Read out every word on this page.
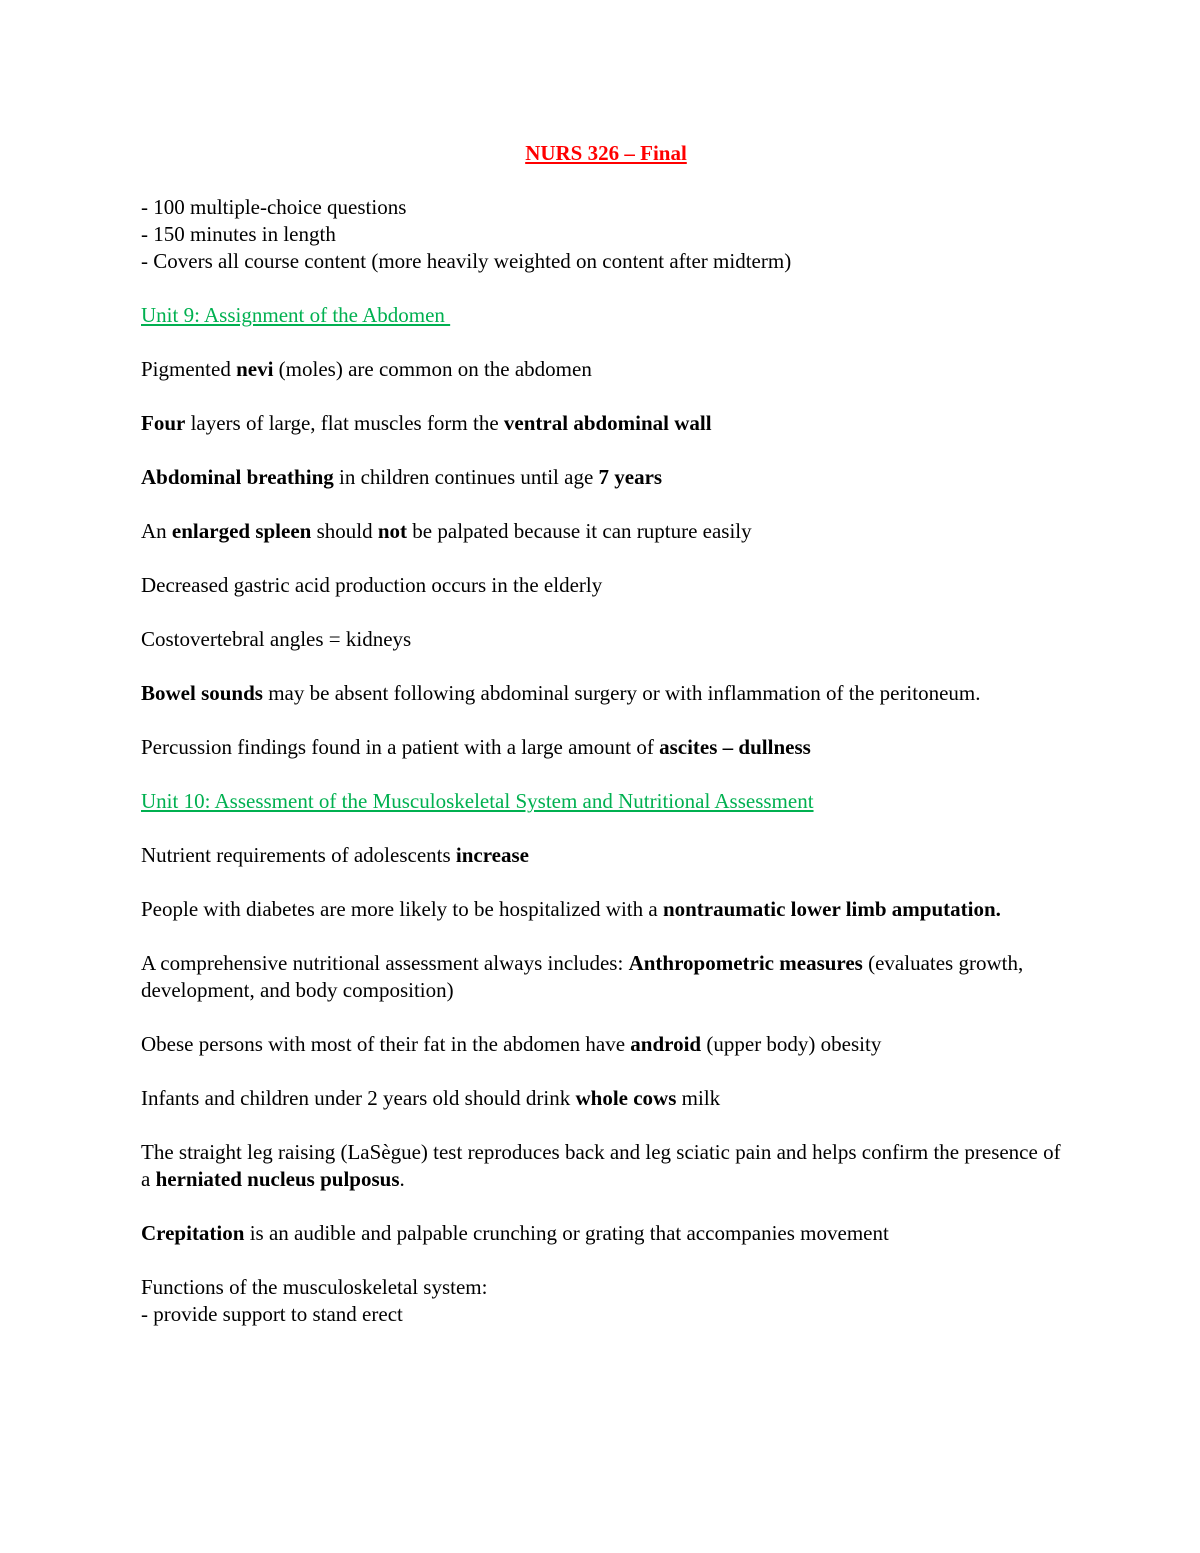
NURS 326 – Final
- 100 multiple-choice questions
- 150 minutes in length
- Covers all course content (more heavily weighted on content after midterm)
Unit 9: Assignment of the Abdomen
Pigmented nevi (moles) are common on the abdomen
Four layers of large, flat muscles form the ventral abdominal wall
Abdominal breathing in children continues until age 7 years
An enlarged spleen should not be palpated because it can rupture easily
Decreased gastric acid production occurs in the elderly
Costovertebral angles = kidneys
Bowel sounds may be absent following abdominal surgery or with inflammation of the peritoneum.
Percussion findings found in a patient with a large amount of ascites – dullness
Unit 10: Assessment of the Musculoskeletal System and Nutritional Assessment
Nutrient requirements of adolescents increase
People with diabetes are more likely to be hospitalized with a nontraumatic lower limb amputation.
A comprehensive nutritional assessment always includes: Anthropometric measures (evaluates growth, development, and body composition)
Obese persons with most of their fat in the abdomen have android (upper body) obesity
Infants and children under 2 years old should drink whole cows milk
The straight leg raising (LaSègue) test reproduces back and leg sciatic pain and helps confirm the presence of a herniated nucleus pulposus.
Crepitation is an audible and palpable crunching or grating that accompanies movement
Functions of the musculoskeletal system:
- provide support to stand erect
